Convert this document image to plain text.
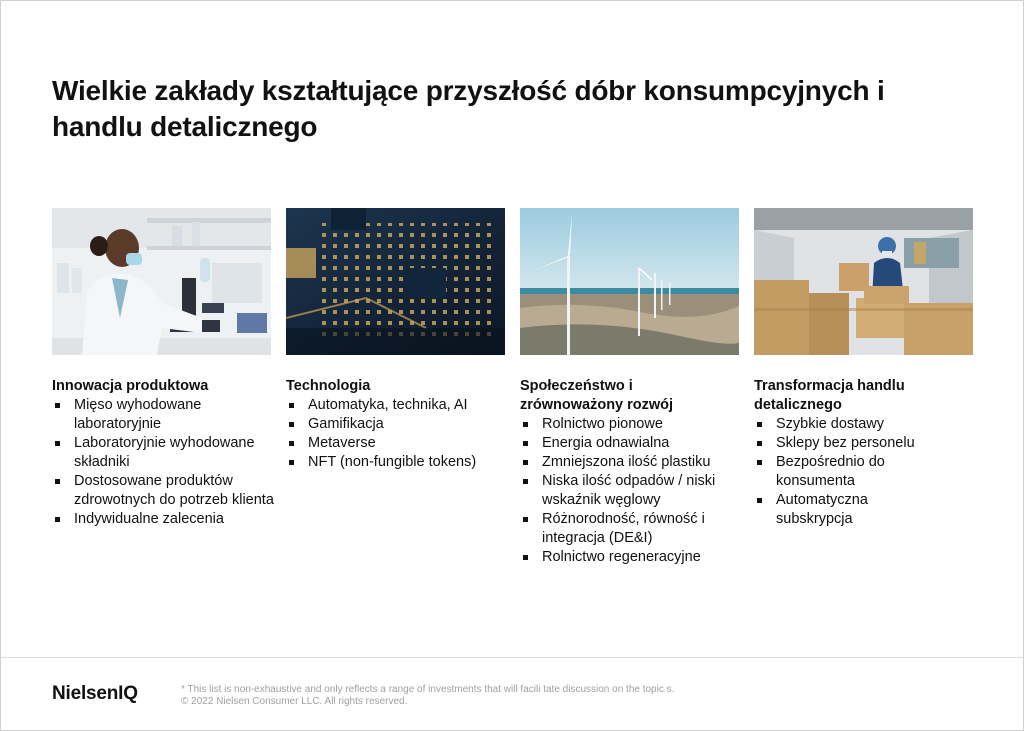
Wielkie zakłady kształtujące przyszłość dóbr konsumpcyjnych i handlu detalicznego
Innowacja produktowa
Mięso wyhodowane laboratoryjnie
Laboratoryjnie wyhodowane składniki
Dostosowane produktów zdrowotnych do potrzeb klienta
Indywidualne zalecenia
Technologia
Automatyka, technika, AI
Gamifikacja
Metaverse
NFT (non-fungible tokens)
Społeczeństwo i zrównoważony rozwój
Rolnictwo pionowe
Energia odnawialna
Zmniejszona ilość plastiku
Niska ilość odpadów / niski wskaźnik węglowy
Różnorodność, równość i integracja (DE&I)
Rolnictwo regeneracyjne
Transformacja handlu detalicznego
Szybkie dostawy
Sklepy bez personelu
Bezpośrednio do konsumenta
Automatyczna subskrypcja
NielsenIQ	* This list is non-exhaustive and only reflects a range of investments that will facili tate discussion on the topic s.
© 2022 Nielsen Consumer LLC. All rights reserved.
